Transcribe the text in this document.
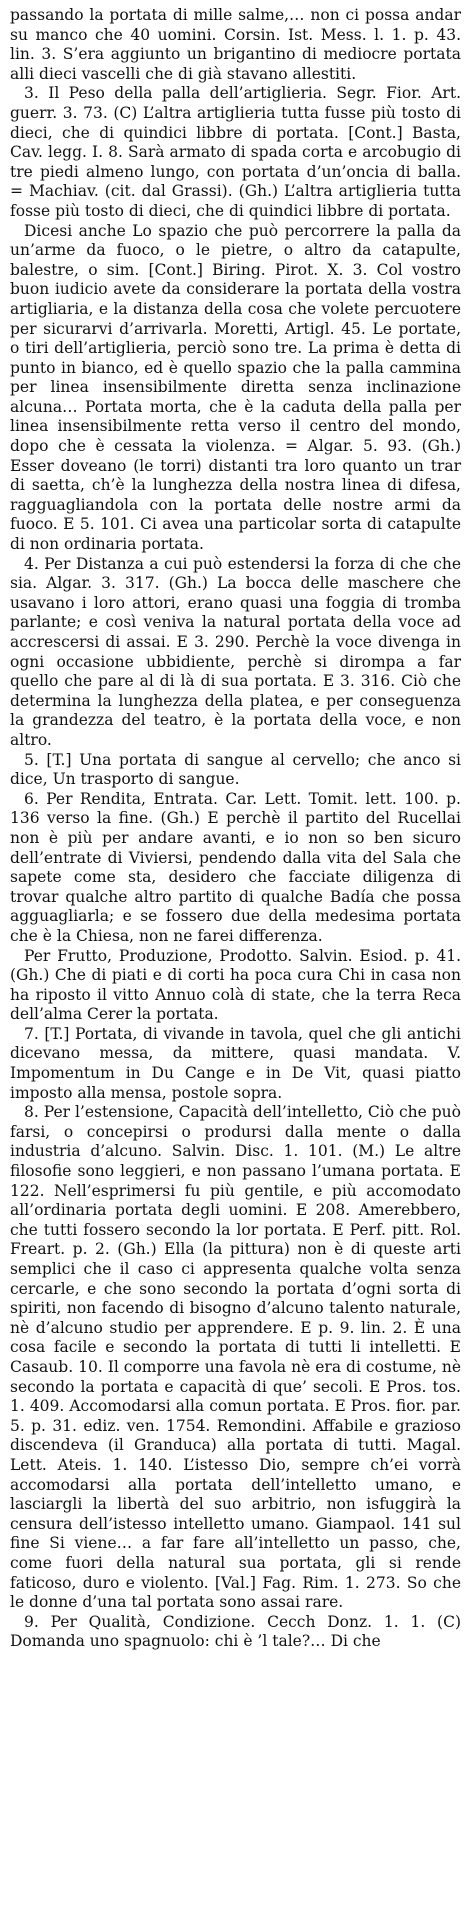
passando la portata di mille salme,… non ci possa andar su manco che 40 uomini. Corsin. Ist. Mess. l. 1. p. 43. lin. 3. S’era aggiunto un brigantino di mediocre portata alli dieci vascelli che di già stavano allestiti.

3. Il Peso della palla dell’artiglieria. Segr. Fior. Art. guerr. 3. 73. (C) L’altra artiglieria tutta fusse più tosto di dieci, che di quindici libbre di portata. [Cont.] Basta, Cav. legg. I. 8. Sarà armato di spada corta e arcobugio di tre piedi almeno lungo, con portata d’un’oncia di balla. = Machiav. (cit. dal Grassi). (Gh.) L’altra artiglieria tutta fosse più tosto di dieci, che di quindici libbre di portata.

Dicesi anche Lo spazio che può percorrere la palla da un’arme da fuoco, o le pietre, o altro da catapulte, balestre, o sim. [Cont.] Biring. Pirot. X. 3. Col vostro buon iudicio avete da considerare la portata della vostra artigliaria, e la distanza della cosa che volete percuotere per sicurarvi d’arrivarla. Moretti, Artigl. 45. Le portate, o tiri dell’artiglieria, perciò sono tre. La prima è detta di punto in bianco, ed è quello spazio che la palla cammina per linea insensibilmente diretta senza inclinazione alcuna… Portata morta, che è la caduta della palla per linea insensibilmente retta verso il centro del mondo, dopo che è cessata la violenza. = Algar. 5. 93. (Gh.) Esser doveano (le torri) distanti tra loro quanto un trar di saetta, ch’è la lunghezza della nostra linea di difesa, ragguagliandola con la portata delle nostre armi da fuoco. E 5. 101. Ci avea una particolar sorta di catapulte di non ordinaria portata.

4. Per Distanza a cui può estendersi la forza di che che sia. Algar. 3. 317. (Gh.) La bocca delle maschere che usavano i loro attori, erano quasi una foggia di tromba parlante; e così veniva la natural portata della voce ad accrescersi di assai. E 3. 290. Perchè la voce divenga in ogni occasione ubbidiente, perchè si dirompa a far quello che pare al di là di sua portata. E 3. 316. Ciò che determina la lunghezza della platea, e per conseguenza la grandezza del teatro, è la portata della voce, e non altro.

5. [T.] Una portata di sangue al cervello; che anco si dice, Un trasporto di sangue.

6. Per Rendita, Entrata. Car. Lett. Tomit. lett. 100. p. 136 verso la fine. (Gh.) E perchè il partito del Rucellai non è più per andare avanti, e io non so ben sicuro dell’entrate di Viviersi, pendendo dalla vita del Sala che sapete come sta, desidero che facciate diligenza di trovar qualche altro partito di qualche Badía che possa agguagliarla; e se fossero due della medesima portata che è la Chiesa, non ne farei differenza.

Per Frutto, Produzione, Prodotto. Salvin. Esiod. p. 41. (Gh.) Che di piati e di corti ha poca cura Chi in casa non ha riposto il vitto Annuo colà di state, che la terra Reca dell’alma Cerer la portata.

7. [T.] Portata, di vivande in tavola, quel che gli antichi dicevano messa, da mittere, quasi mandata. V. Impomentum in Du Cange e in De Vit, quasi piatto imposto alla mensa, postole sopra.

8. Per l’estensione, Capacità dell’intelletto, Ciò che può farsi, o concepirsi o prodursi dalla mente o dalla industria d’alcuno. Salvin. Disc. 1. 101. (M.) Le altre filosofie sono leggieri, e non passano l’umana portata. E 122. Nell’esprimersi fu più gentile, e più accomodato all’ordinaria portata degli uomini. E 208. Amerebbero, che tutti fossero secondo la lor portata. E Perf. pitt. Rol. Freart. p. 2. (Gh.) Ella (la pittura) non è di queste arti semplici che il caso ci appresenta qualche volta senza cercarle, e che sono secondo la portata d’ogni sorta di spiriti, non facendo di bisogno d’alcuno talento naturale, nè d’alcuno studio per apprendere. E p. 9. lin. 2. È una cosa facile e secondo la portata di tutti li intelletti. E Casaub. 10. Il comporre una favola nè era di costume, nè secondo la portata e capacità di que’ secoli. E Pros. tos. 1. 409. Accomodarsi alla comun portata. E Pros. fior. par. 5. p. 31. ediz. ven. 1754. Remondini. Affabile e grazioso discendeva (il Granduca) alla portata di tutti. Magal. Lett. Ateis. 1. 140. L’istesso Dio, sempre ch’ei vorrà accomodarsi alla portata dell’intelletto umano, e lasciargli la libertà del suo arbitrio, non isfuggirà la censura dell’istesso intelletto umano. Giampaol. 141 sul fine Si viene… a far fare all’intelletto un passo, che, come fuori della natural sua portata, gli si rende faticoso, duro e violento. [Val.] Fag. Rim. 1. 273. So che le donne d’una tal portata sono assai rare.

9. Per Qualità, Condizione. Cecch Donz. 1. 1. (C) Domanda uno spagnuolo: chi è ’l tale?… Di che
